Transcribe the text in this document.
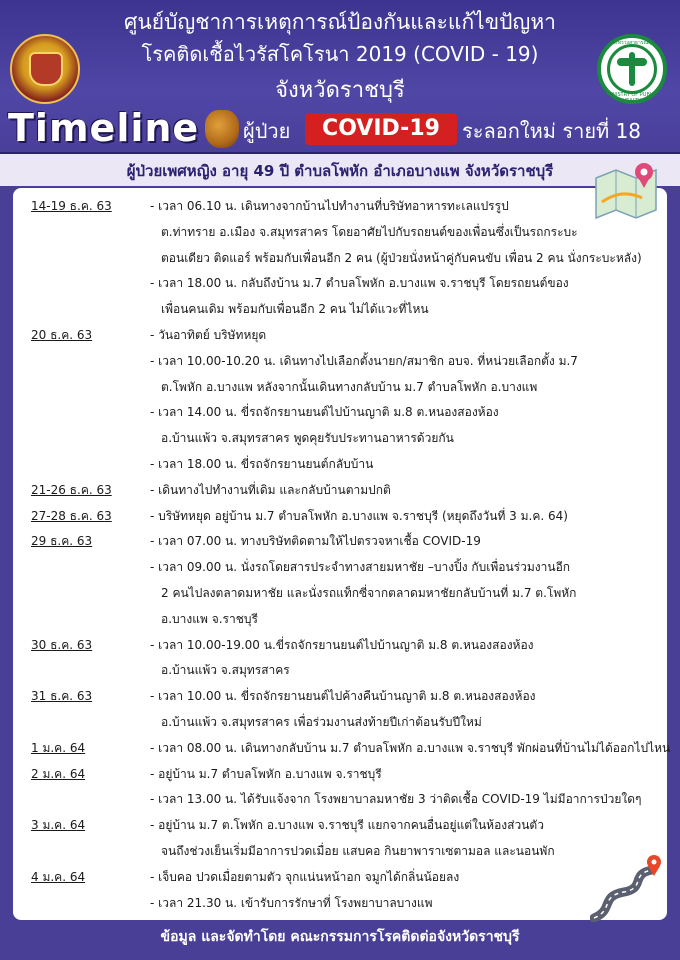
กระทรวงสาธารณสุข
MINISTRY OF PUBLIC HEALTH
ศูนย์บัญชาการเหตุการณ์ป้องกันและแก้ไขปัญหา
โรคติดเชื้อไวรัสโคโรนา 2019 (COVID - 19)
จังหวัดราชบุรี
Timeline ผู้ป่วย	COVID-19	ระลอกใหม่ รายที่ 18
ผู้ป่วยเพศหญิง อายุ 49 ปี ตำบลโพหัก อำเภอบางแพ จังหวัดราชบุรี
14-19 ธ.ค. 63	- เวลา 06.10 น. เดินทางจากบ้านไปทำงานที่บริษัทอาหารทะเลแปรรูป
ต.ท่าทราย อ.เมือง จ.สมุทรสาคร โดยอาศัยไปกับรถยนต์ของเพื่อนซึ่งเป็นรถกระบะ
ตอนเดียว ติดแอร์ พร้อมกับเพื่อนอีก 2 คน (ผู้ป่วยนั่งหน้าคู่กับคนขับ เพื่อน 2 คน นั่งกระบะหลัง)
- เวลา 18.00 น. กลับถึงบ้าน ม.7 ตำบลโพหัก อ.บางแพ จ.ราชบุรี โดยรถยนต์ของ
เพื่อนคนเดิม พร้อมกับเพื่อนอีก 2 คน ไม่ได้แวะที่ไหน
20 ธ.ค. 63	- วันอาทิตย์ บริษัทหยุด
- เวลา 10.00-10.20 น. เดินทางไปเลือกตั้งนายก/สมาชิก อบจ. ที่หน่วยเลือกตั้ง ม.7
ต.โพหัก อ.บางแพ หลังจากนั้นเดินทางกลับบ้าน ม.7 ตำบลโพหัก อ.บางแพ
- เวลา 14.00 น. ขี่รถจักรยานยนต์ไปบ้านญาติ ม.8 ต.หนองสองห้อง
อ.บ้านแพ้ว จ.สมุทรสาคร พูดคุยรับประทานอาหารด้วยกัน
- เวลา 18.00 น. ขี่รถจักรยานยนต์กลับบ้าน
21-26 ธ.ค. 63	- เดินทางไปทำงานที่เดิม และกลับบ้านตามปกติ
27-28 ธ.ค. 63	- บริษัทหยุด อยู่บ้าน ม.7 ตำบลโพหัก อ.บางแพ จ.ราชบุรี (หยุดถึงวันที่ 3 ม.ค. 64)
29 ธ.ค. 63	- เวลา 07.00 น. ทางบริษัทติดตามให้ไปตรวจหาเชื้อ COVID-19
- เวลา 09.00 น. นั่งรถโดยสารประจำทางสายมหาชัย –บางปิ้ง กับเพื่อนร่วมงานอีก
2 คนไปลงตลาดมหาชัย และนั่งรถแท็กซี่จากตลาดมหาชัยกลับบ้านที่ ม.7 ต.โพหัก
อ.บางแพ จ.ราชบุรี
30 ธ.ค. 63	- เวลา 10.00-19.00 น.ขี่รถจักรยานยนต์ไปบ้านญาติ ม.8 ต.หนองสองห้อง
อ.บ้านแพ้ว จ.สมุทรสาคร
31 ธ.ค. 63	- เวลา 10.00 น. ขี่รถจักรยานยนต์ไปค้างคืนบ้านญาติ ม.8 ต.หนองสองห้อง
อ.บ้านแพ้ว จ.สมุทรสาคร เพื่อร่วมงานส่งท้ายปีเก่าต้อนรับปีใหม่
1 ม.ค. 64	- เวลา 08.00 น. เดินทางกลับบ้าน ม.7 ตำบลโพหัก อ.บางแพ จ.ราชบุรี พักผ่อนที่บ้านไม่ได้ออกไปไหน
2 ม.ค. 64	- อยู่บ้าน ม.7 ตำบลโพหัก อ.บางแพ จ.ราชบุรี
- เวลา 13.00 น. ได้รับแจ้งจาก โรงพยาบาลมหาชัย 3 ว่าติดเชื้อ COVID-19 ไม่มีอาการป่วยใดๆ
3 ม.ค. 64	- อยู่บ้าน ม.7 ต.โพหัก อ.บางแพ จ.ราชบุรี แยกจากคนอื่นอยู่แต่ในห้องส่วนตัว
จนถึงช่วงเย็นเริ่มมีอาการปวดเมื่อย แสบคอ กินยาพาราเซตามอล และนอนพัก
4 ม.ค. 64	- เจ็บคอ ปวดเมื่อยตามตัว จุกแน่นหน้าอก จมูกได้กลิ่นน้อยลง
- เวลา 21.30 น. เข้ารับการรักษาที่ โรงพยาบาลบางแพ
ข้อมูล และจัดทำโดย คณะกรรมการโรคติดต่อจังหวัดราชบุรี
